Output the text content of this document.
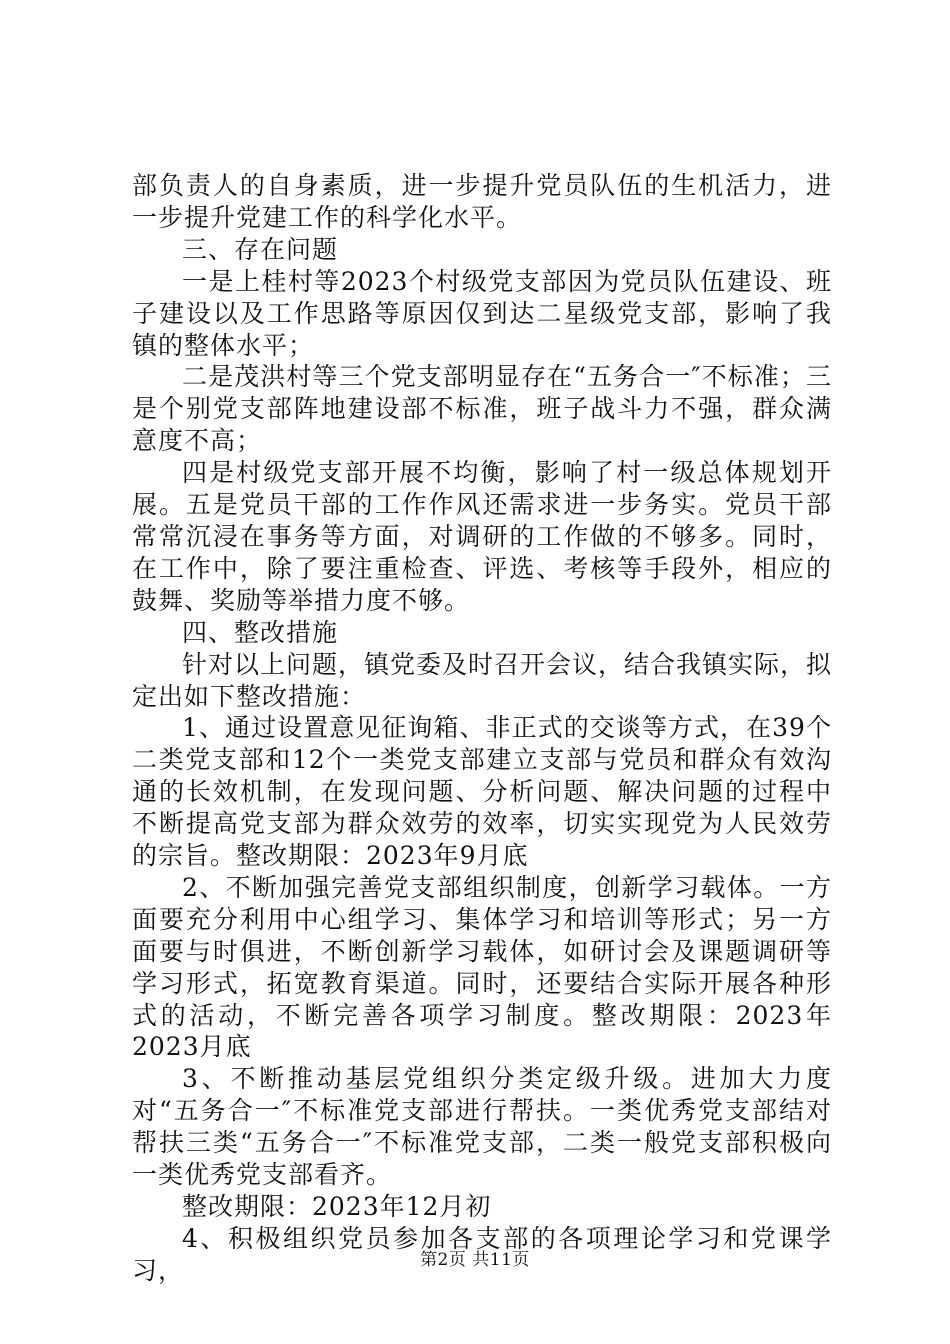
部负责人的自身素质，进一步提升党员队伍的生机活力，进一步提升党建工作的科学化水平。

三、存在问题

一是上桂村等2023个村级党支部因为党员队伍建设、班子建设以及工作思路等原因仅到达二星级党支部，影响了我镇的整体水平；

二是茂洪村等三个党支部明显存在“五务合一″不标准；三是个别党支部阵地建设部不标准，班子战斗力不强，群众满意度不高；

四是村级党支部开展不均衡，影响了村一级总体规划开展。五是党员干部的工作作风还需求进一步务实。党员干部常常沉浸在事务等方面，对调研的工作做的不够多。同时，在工作中，除了要注重检查、评选、考核等手段外，相应的鼓舞、奖励等举措力度不够。

四、整改措施

针对以上问题，镇党委及时召开会议，结合我镇实际，拟定出如下整改措施：

1、通过设置意见征询箱、非正式的交谈等方式，在39个二类党支部和12个一类党支部建立支部与党员和群众有效沟通的长效机制，在发现问题、分析问题、解决问题的过程中不断提高党支部为群众效劳的效率，切实实现党为人民效劳的宗旨。整改期限：2023年9月底

2、不断加强完善党支部组织制度，创新学习载体。一方面要充分利用中心组学习、集体学习和培训等形式；另一方面要与时俱进，不断创新学习载体，如研讨会及课题调研等学习形式，拓宽教育渠道。同时，还要结合实际开展各种形式的活动，不断完善各项学习制度。整改期限：2023年2023月底

3、不断推动基层党组织分类定级升级。进加大力度对“五务合一″不标准党支部进行帮扶。一类优秀党支部结对帮扶三类“五务合一″不标准党支部，二类一般党支部积极向一类优秀党支部看齐。

整改期限：2023年12月初

4、积极组织党员参加各支部的各项理论学习和党课学习，	第2页 共11页
